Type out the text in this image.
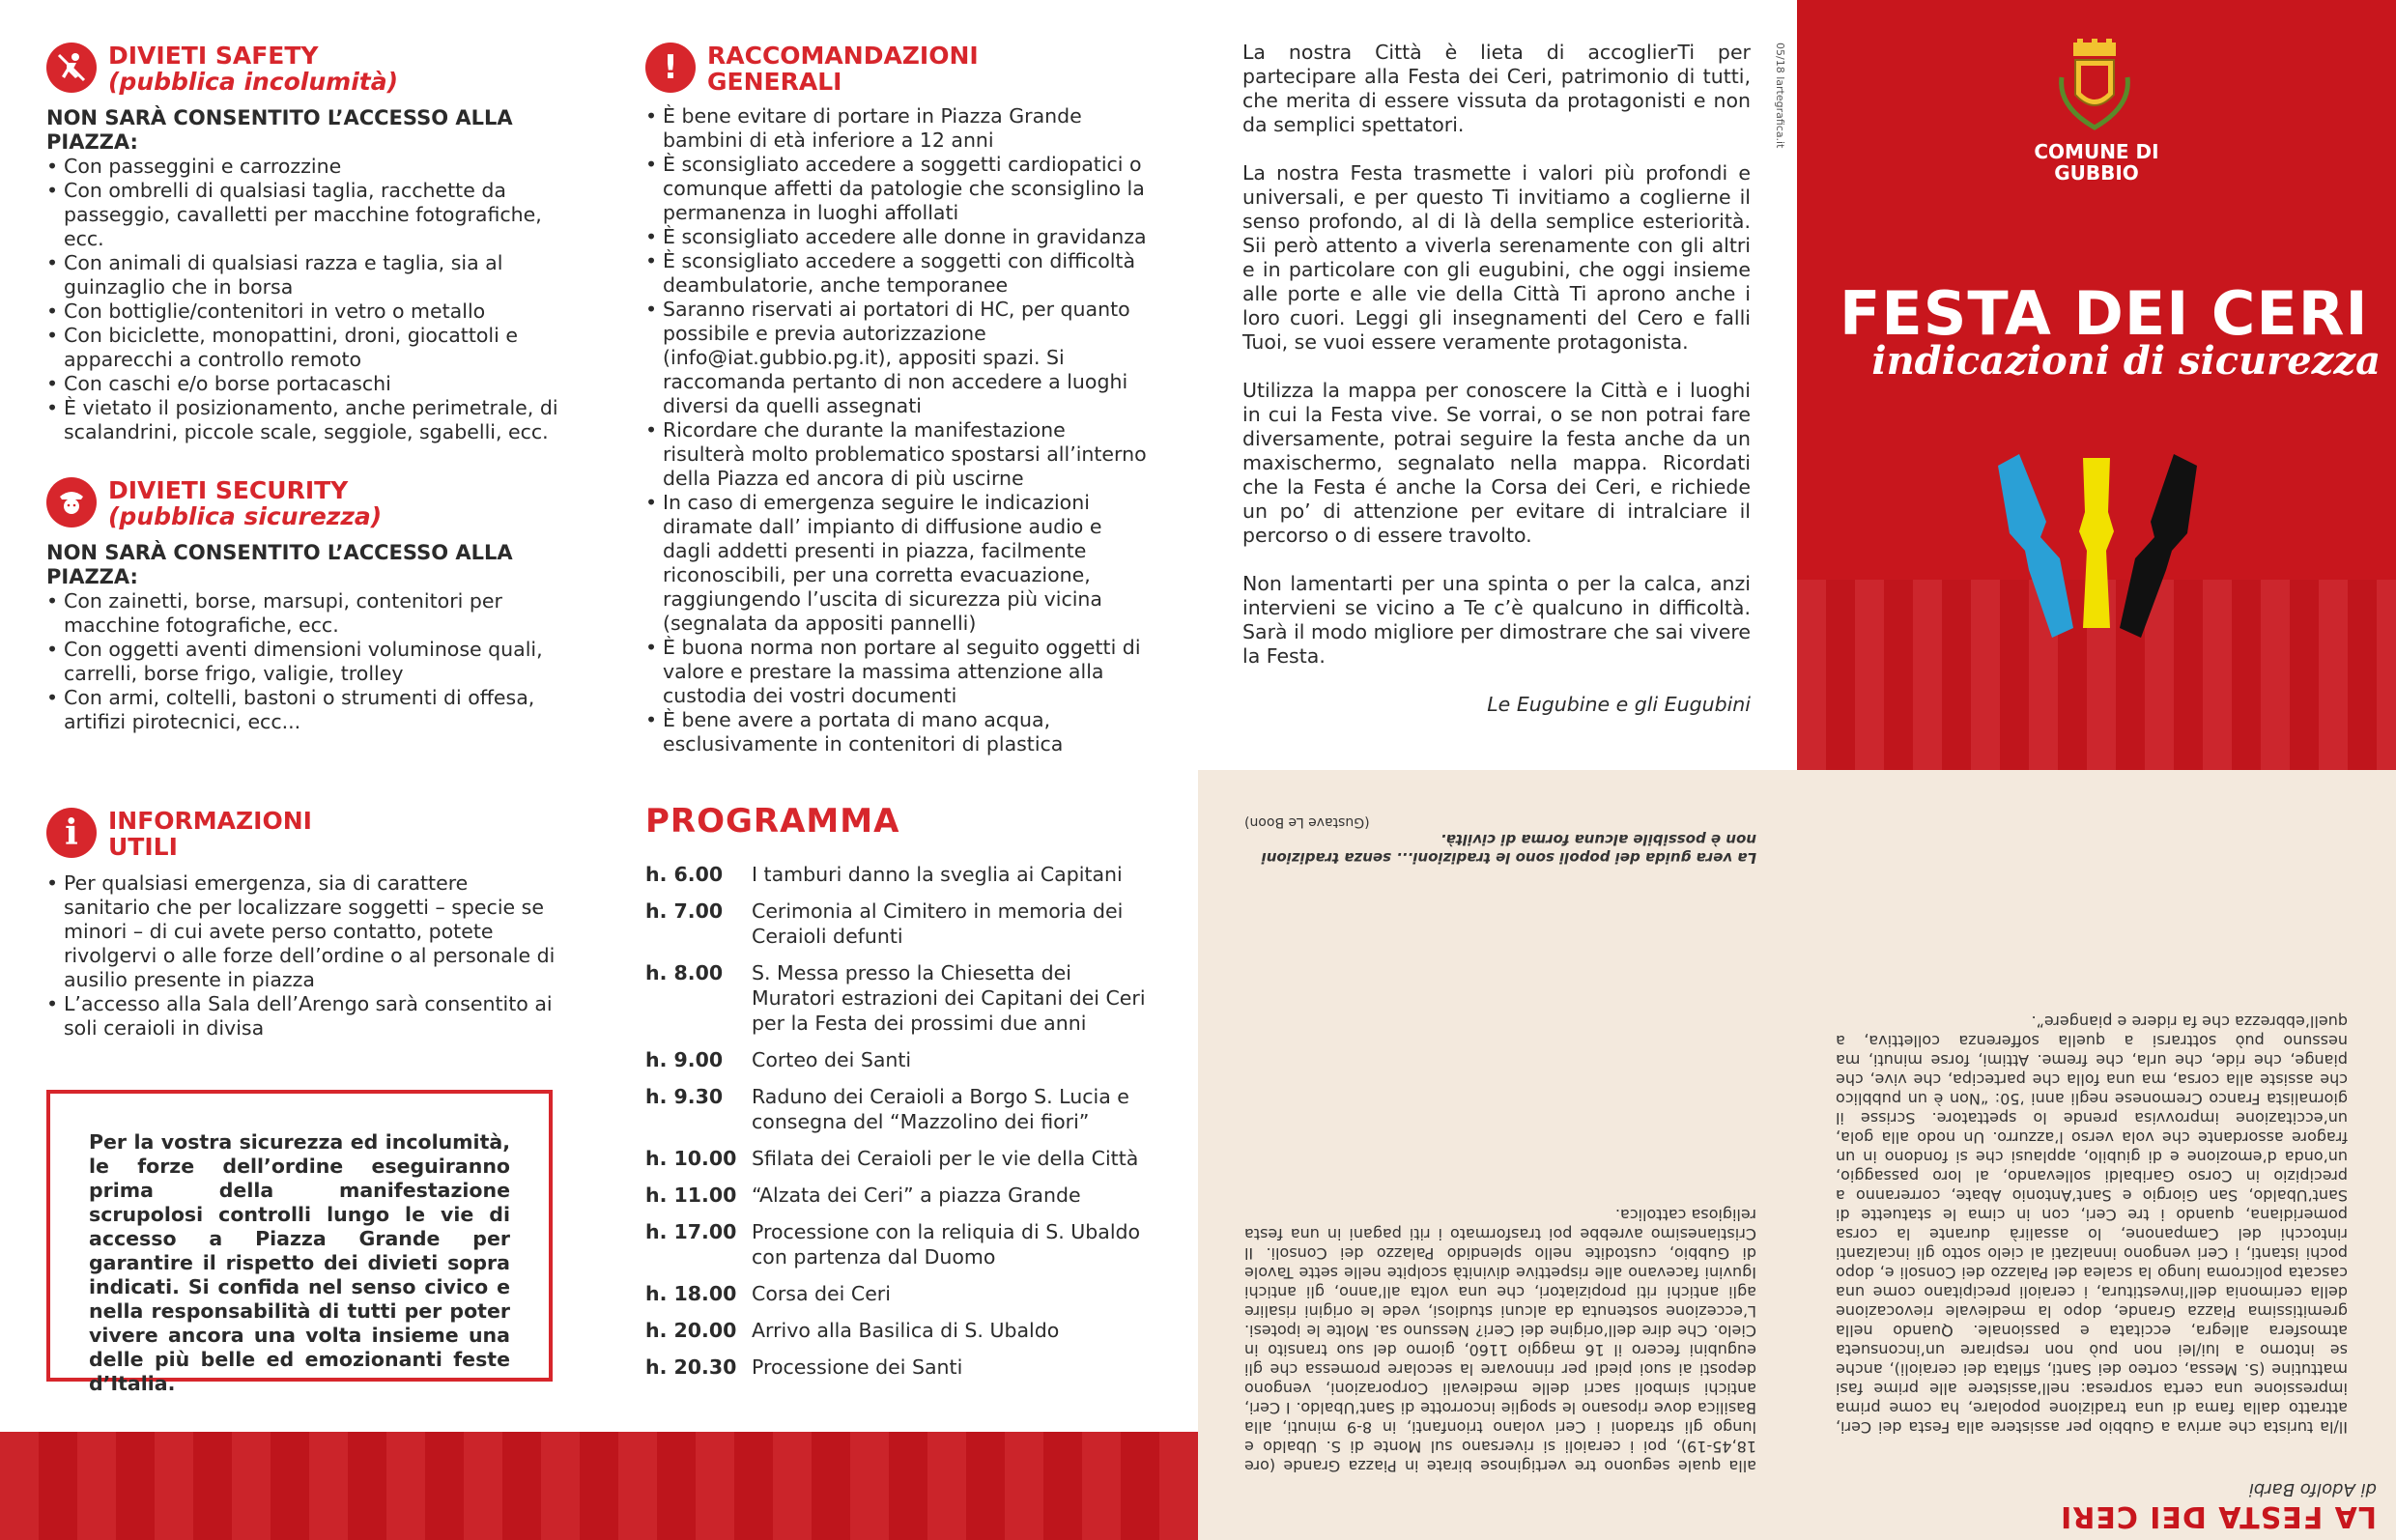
DIVIETI SAFETY
(pubblica incolumità)
NON SARÀ CONSENTITO L’ACCESSO ALLA PIAZZA:
• Con passeggini e carrozzine
• Con ombrelli di qualsiasi taglia, racchette da passeggio, cavalletti per macchine fotografiche, ecc.
• Con animali di qualsiasi razza e taglia, sia al guinzaglio che in borsa
• Con bottiglie/contenitori in vetro o metallo
• Con biciclette, monopattini, droni, giocattoli e apparecchi a controllo remoto
• Con caschi e/o borse portacaschi
• È vietato il posizionamento, anche perimetrale, di scalandrini, piccole scale, seggiole, sgabelli, ecc.
DIVIETI SECURITY
(pubblica sicurezza)
NON SARÀ CONSENTITO L’ACCESSO ALLA PIAZZA:
• Con zainetti, borse, marsupi, contenitori per macchine fotografiche, ecc.
• Con oggetti aventi dimensioni voluminose quali, carrelli, borse frigo, valigie, trolley
• Con armi, coltelli, bastoni o strumenti di offesa, artifizi pirotecnici, ecc...
i	INFORMAZIONI
UTILI
• Per qualsiasi emergenza, sia di carattere sanitario che per localizzare soggetti – specie se minori – di cui avete perso contatto, potete rivolgervi o alle forze dell’ordine o al personale di ausilio presente in piazza
• L’accesso alla Sala dell’Arengo sarà consentito ai soli ceraioli in divisa

Per la vostra sicurezza ed incolumità, le forze dell’ordine eseguiranno prima della manifestazione scrupolosi controlli lungo le vie di accesso a Piazza Grande per garantire il rispetto dei divieti sopra indicati. Si confida nel senso civico e nella responsabilità di tutti per poter vivere ancora una volta insieme una delle più belle ed emozionanti feste d’Italia.

!	RACCOMANDAZIONI
GENERALI
• È bene evitare di portare in Piazza Grande bambini di età inferiore a 12 anni
• È sconsigliato accedere a soggetti cardiopatici o comunque affetti da patologie che sconsiglino la permanenza in luoghi affollati
• È sconsigliato accedere alle donne in gravidanza
• È sconsigliato accedere a soggetti con difficoltà deambulatorie, anche temporanee
• Saranno riservati ai portatori di HC, per quanto possibile e previa autorizzazione (info@iat.gubbio.pg.it), appositi spazi. Si raccomanda pertanto di non accedere a luoghi diversi da quelli assegnati
• Ricordare che durante la manifestazione risulterà molto problematico spostarsi all’interno della Piazza ed ancora di più uscirne
• In caso di emergenza seguire le indicazioni diramate dall’ impianto di diffusione audio e dagli addetti presenti in piazza, facilmente riconoscibili, per una corretta evacuazione, raggiungendo l’uscita di sicurezza più vicina (segnalata da appositi pannelli)
• È buona norma non portare al seguito oggetti di valore e prestare la massima attenzione alla custodia dei vostri documenti
• È bene avere a portata di mano acqua, esclusivamente in contenitori di plastica
PROGRAMMA
h. 6.00	I tamburi danno la sveglia ai Capitani
h. 7.00	Cerimonia al Cimitero in memoria dei Ceraioli defunti
h. 8.00	S. Messa presso la Chiesetta dei Muratori estrazioni dei Capitani dei Ceri per la Festa dei prossimi due anni
h. 9.00	Corteo dei Santi
h. 9.30	Raduno dei Ceraioli a Borgo S. Lucia e consegna del “Mazzolino dei fiori”
h. 10.00 Sfilata dei Ceraioli per le vie della Città
h. 11.00 “Alzata dei Ceri” a piazza Grande
h. 17.00 Processione con la reliquia di S. Ubaldo con partenza dal Duomo
h. 18.00 Corsa dei Ceri
h. 20.00 Arrivo alla Basilica di S. Ubaldo
h. 20.30 Processione dei Santi

La nostra Città è lieta di accoglierTi per partecipare alla Festa dei Ceri, patrimonio di tutti, che merita di essere vissuta da protagonisti e non da semplici spettatori.

La nostra Festa trasmette i valori più profondi e universali, e per questo Ti invitiamo a coglierne il senso profondo, al di là della semplice esteriorità. Sii però attento a viverla serenamente con gli altri e in particolare con gli eugubini, che oggi insieme alle porte e alle vie della Città Ti aprono anche i loro cuori. Leggi gli insegnamenti del Cero e falli Tuoi, se vuoi essere veramente protagonista.

Utilizza la mappa per conoscere la Città e i luoghi in cui la Festa vive. Se vorrai, o se non potrai fare diversamente, potrai seguire la festa anche da un maxischermo, segnalato nella mappa. Ricordati che la Festa é anche la Corsa dei Ceri, e richiede un po’ di attenzione per evitare di intralciare il percorso o di essere travolto.

Non lamentarti per una spinta o per la calca, anzi intervieni se vicino a Te c’è qualcuno in difficoltà. Sarà il modo migliore per dimostrare che sai vivere la Festa.

Le Eugubine e gli Eugubini

05/18 lartegrafica.it
COMUNE DI GUBBIO
FESTA DEI CERI
indicazioni di sicurezza
LA FESTA DEI CERI
di Adolfo Barbi
Il/la turista che arriva a Gubbio per assistere alla Festa dei Ceri, attratto dalla fama di una tradizione popolare, ha come prima impressione una certa sorpresa: nell’assistere alle prime fasi mattutine (S. Messa, corteo dei Santi, sfilata dei ceraioli), anche se intorno a lui/lei non può non respirare un’inconsueta atmosfera allegra, eccitata e passionale. Quando nella gremitissima Piazza Grande, dopo la medievale rievocazione della cerimonia dell’investitura, i ceraioli precipitano come una cascata policroma lungo la scalea del Palazzo dei Consoli e, dopo pochi istanti, i Ceri vengono innalzati al cielo sotto gli incalzanti rintocchi del Campanone, lo assalirà durante la corsa pomeridiana, quando i tre Ceri, con in cima le statuette di Sant’Ubaldo, San Giorgio e Sant’Antonio Abate, correranno a precipizio in Corso Garibaldi sollevando, al loro passaggio, un’onda d’emozione e di giubilo, applausi che si fondono in un fragore assordante che vola verso l’azzurro. Un nodo alla gola, un’eccitazione improvvisa prende lo spettatore. Scrisse il giornalista Franco Cremonese negli anni ’50: “Non è un pubblico che assiste alla corsa, ma una folla che partecipa, che vive, che piange, che ride, che urla, che freme. Attimi, forse minuti, ma nessuno può sottrarsi a quella sofferenza collettiva, a quell’ebbrezza che fa ridere e piangere”.
alla quale seguono tre vertiginose birate in Piazza Grande (ore 18,45-19), poi i ceraioli si riversano sul Monte di S. Ubaldo e lungo gli stradoni i Ceri volano trionfanti, in 8-9 minuti, alla Basilica dove riposano le spoglie incorrotte di Sant’Ubaldo. I Ceri, antichi simboli sacri delle medievali Corporazioni, vengono deposti ai suoi piedi per rinnovare la secolare promessa che gli eugubini fecero il 16 maggio 1160, giorno del suo transito in Cielo. Che dire dell’origine dei Ceri? Nessuno sa. Molte le ipotesi. L’eccezione sostenuta da alcuni studiosi, vede le origini risalire agli antichi riti propiziatori, che una volta all’anno, gli antichi Iguvini facevano alle rispettive divinità scolpite nelle sette Tavole di Gubbio, custodite nello splendido Palazzo dei Consoli. Il Cristianesimo avrebbe poi trasformato i riti pagani in una festa religiosa cattolica.
La vera guida dei popoli sono le tradizioni... senza tradizioni non è possibile alcuna forma di civiltà.
(Gustave Le Boon)
